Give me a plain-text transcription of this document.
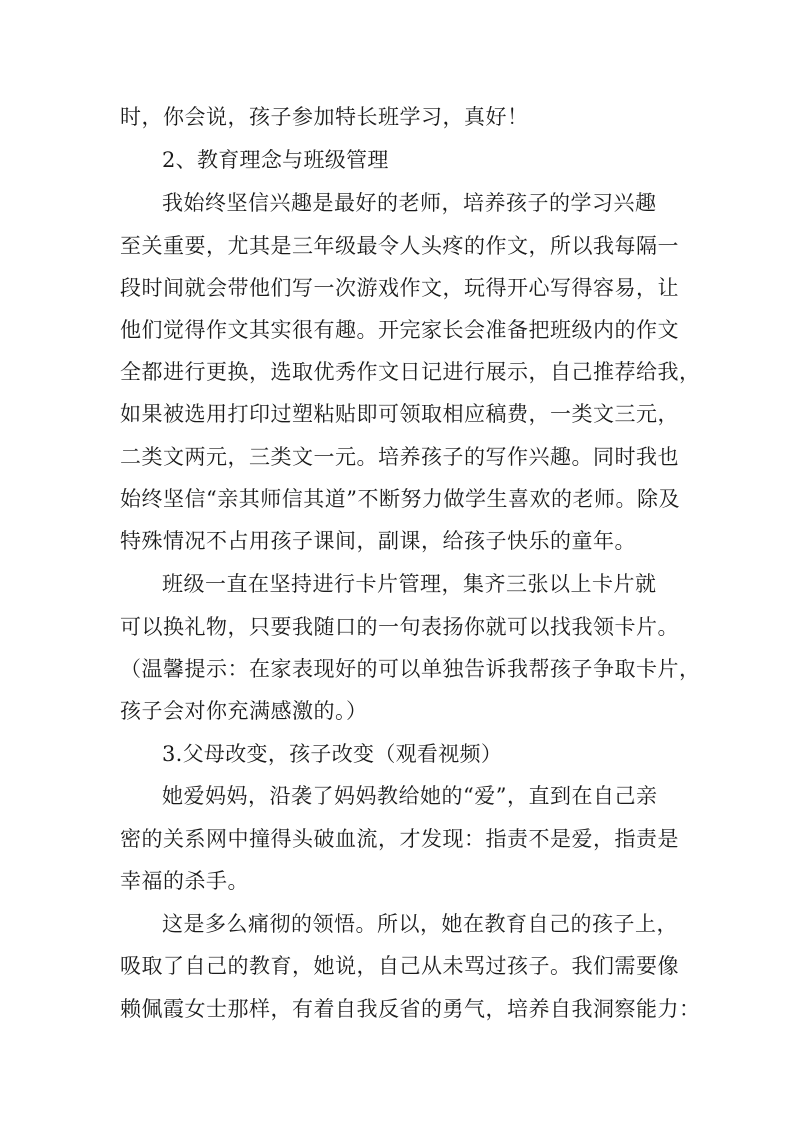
时，你会说，孩子参加特长班学习，真好！
2、教育理念与班级管理
我始终坚信兴趣是最好的老师，培养孩子的学习兴趣
至关重要，尤其是三年级最令人头疼的作文，所以我每隔一
段时间就会带他们写一次游戏作文，玩得开心写得容易，让
他们觉得作文其实很有趣。开完家长会准备把班级内的作文
全都进行更换，选取优秀作文日记进行展示，自己推荐给我，
如果被选用打印过塑粘贴即可领取相应稿费，一类文三元，
二类文两元，三类文一元。培养孩子的写作兴趣。同时我也
始终坚信“亲其师信其道”不断努力做学生喜欢的老师。除及
特殊情况不占用孩子课间，副课，给孩子快乐的童年。
班级一直在坚持进行卡片管理，集齐三张以上卡片就
可以换礼物，只要我随口的一句表扬你就可以找我领卡片。
（温馨提示：在家表现好的可以单独告诉我帮孩子争取卡片，
孩子会对你充满感激的。）
3.父母改变，孩子改变（观看视频）
她爱妈妈，沿袭了妈妈教给她的“爱”，直到在自己亲
密的关系网中撞得头破血流，才发现：指责不是爱，指责是
幸福的杀手。
这是多么痛彻的领悟。所以，她在教育自己的孩子上，
吸取了自己的教育，她说，自己从未骂过孩子。我们需要像
赖佩霞女士那样，有着自我反省的勇气，培养自我洞察能力：
